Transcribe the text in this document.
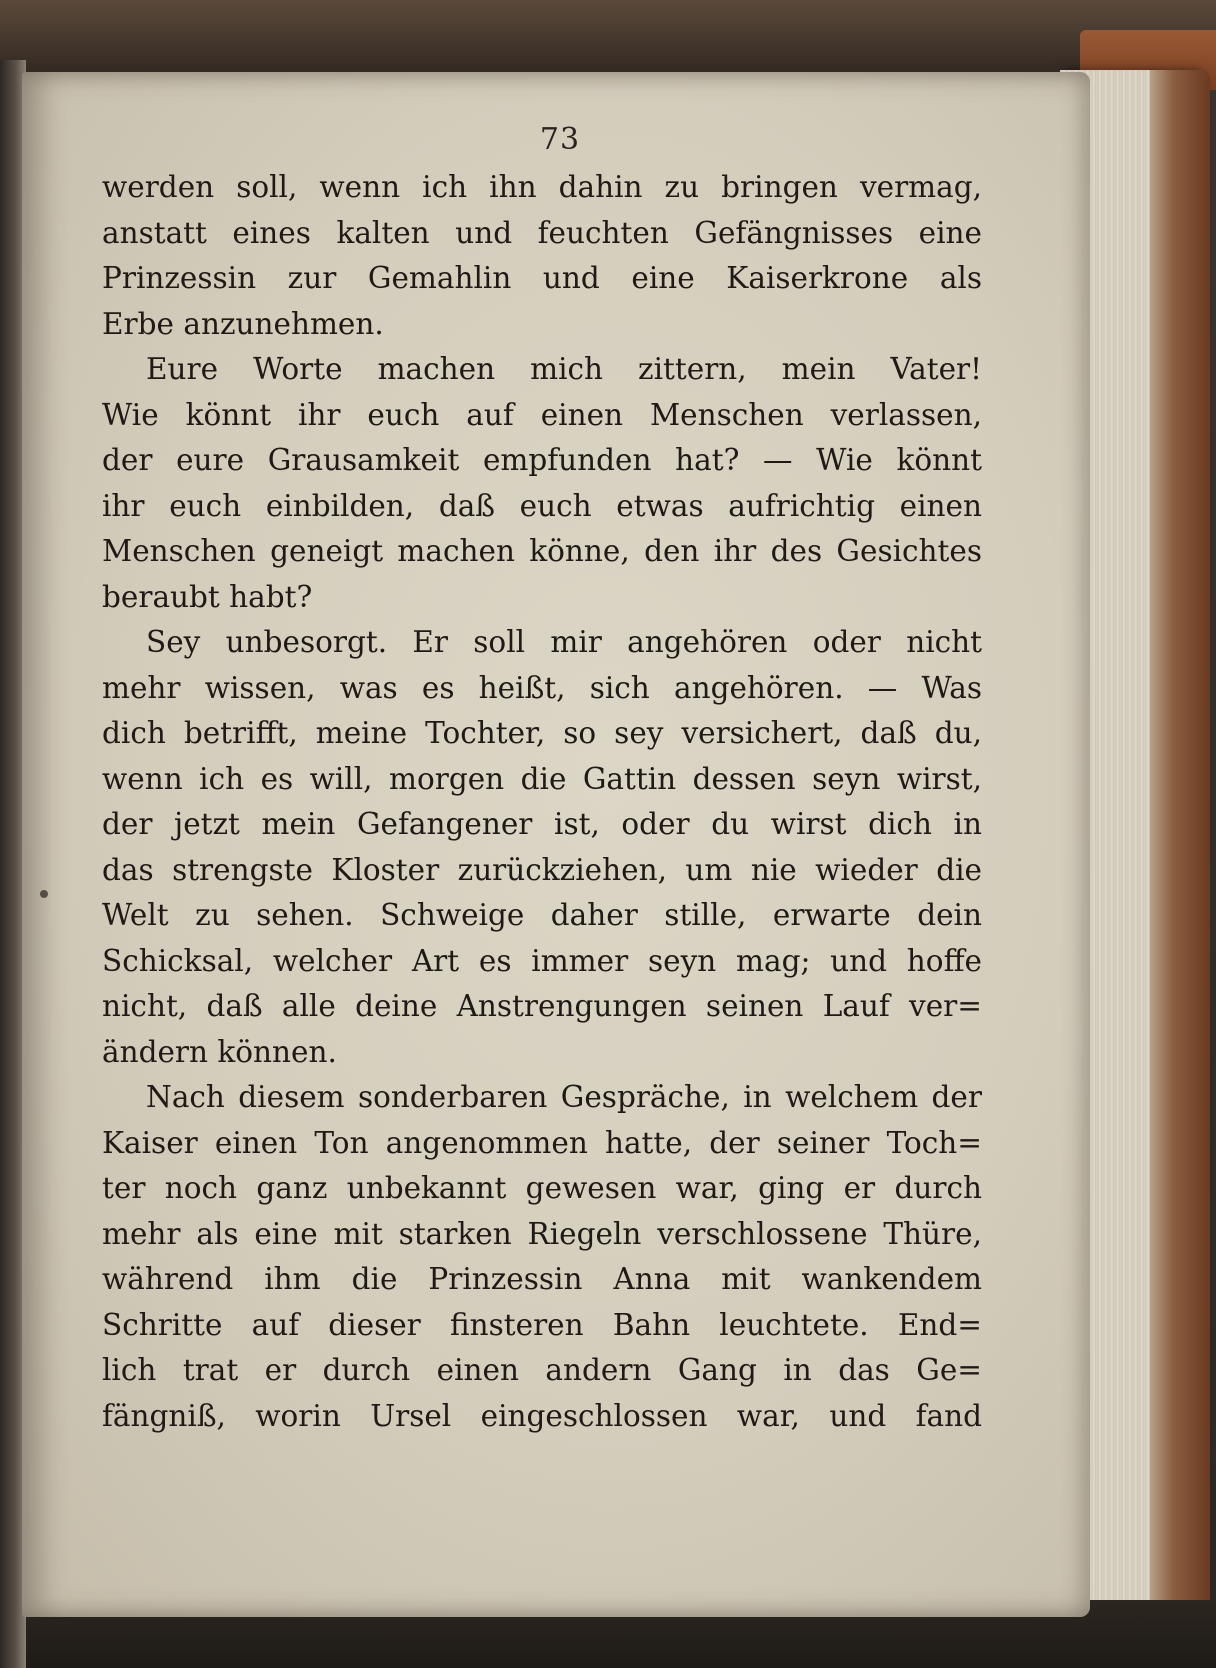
73

werden soll, wenn ich ihn dahin zu bringen vermag,
anstatt eines kalten und feuchten Gefängnisses eine
Prinzessin zur Gemahlin und eine Kaiserkrone als
Erbe anzunehmen.

Eure Worte machen mich zittern, mein Vater!
Wie könnt ihr euch auf einen Menschen verlassen,
der eure Grausamkeit empfunden hat? — Wie könnt
ihr euch einbilden, daß euch etwas aufrichtig einen
Menschen geneigt machen könne, den ihr des Gesichtes
beraubt habt?

Sey unbesorgt. Er soll mir angehören oder nicht
mehr wissen, was es heißt, sich angehören. — Was
dich betrifft, meine Tochter, so sey versichert, daß du,
wenn ich es will, morgen die Gattin dessen seyn wirst,
der jetzt mein Gefangener ist, oder du wirst dich in
das strengste Kloster zurückziehen, um nie wieder die
Welt zu sehen. Schweige daher stille, erwarte dein
Schicksal, welcher Art es immer seyn mag; und hoffe
nicht, daß alle deine Anstrengungen seinen Lauf ver=
ändern können.

Nach diesem sonderbaren Gespräche, in welchem der
Kaiser einen Ton angenommen hatte, der seiner Toch=
ter noch ganz unbekannt gewesen war, ging er durch
mehr als eine mit starken Riegeln verschlossene Thüre,
während ihm die Prinzessin Anna mit wankendem
Schritte auf dieser finsteren Bahn leuchtete. End=
lich trat er durch einen andern Gang in das Ge=
fängniß, worin Ursel eingeschlossen war, und fand
